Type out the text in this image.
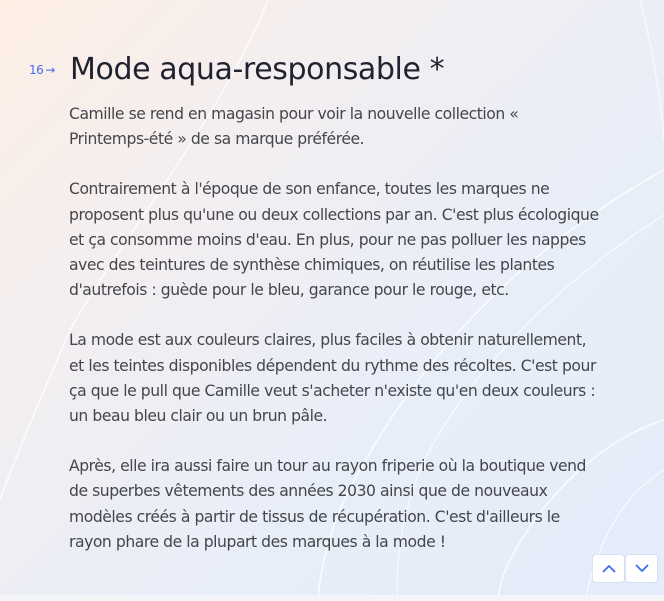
16 → Mode aqua-responsable *

Camille se rend en magasin pour voir la nouvelle collection « Printemps-été » de sa marque préférée.

Contrairement à l'époque de son enfance, toutes les marques ne proposent plus qu'une ou deux collections par an. C'est plus écologique et ça consomme moins d'eau. En plus, pour ne pas polluer les nappes avec des teintures de synthèse chimiques, on réutilise les plantes d'autrefois : guède pour le bleu, garance pour le rouge, etc.

La mode est aux couleurs claires, plus faciles à obtenir naturellement, et les teintes disponibles dépendent du rythme des récoltes. C'est pour ça que le pull que Camille veut s'acheter n'existe qu'en deux couleurs : un beau bleu clair ou un brun pâle.

Après, elle ira aussi faire un tour au rayon friperie où la boutique vend de superbes vêtements des années 2030 ainsi que de nouveaux modèles créés à partir de tissus de récupération. C'est d'ailleurs le rayon phare de la plupart des marques à la mode !
